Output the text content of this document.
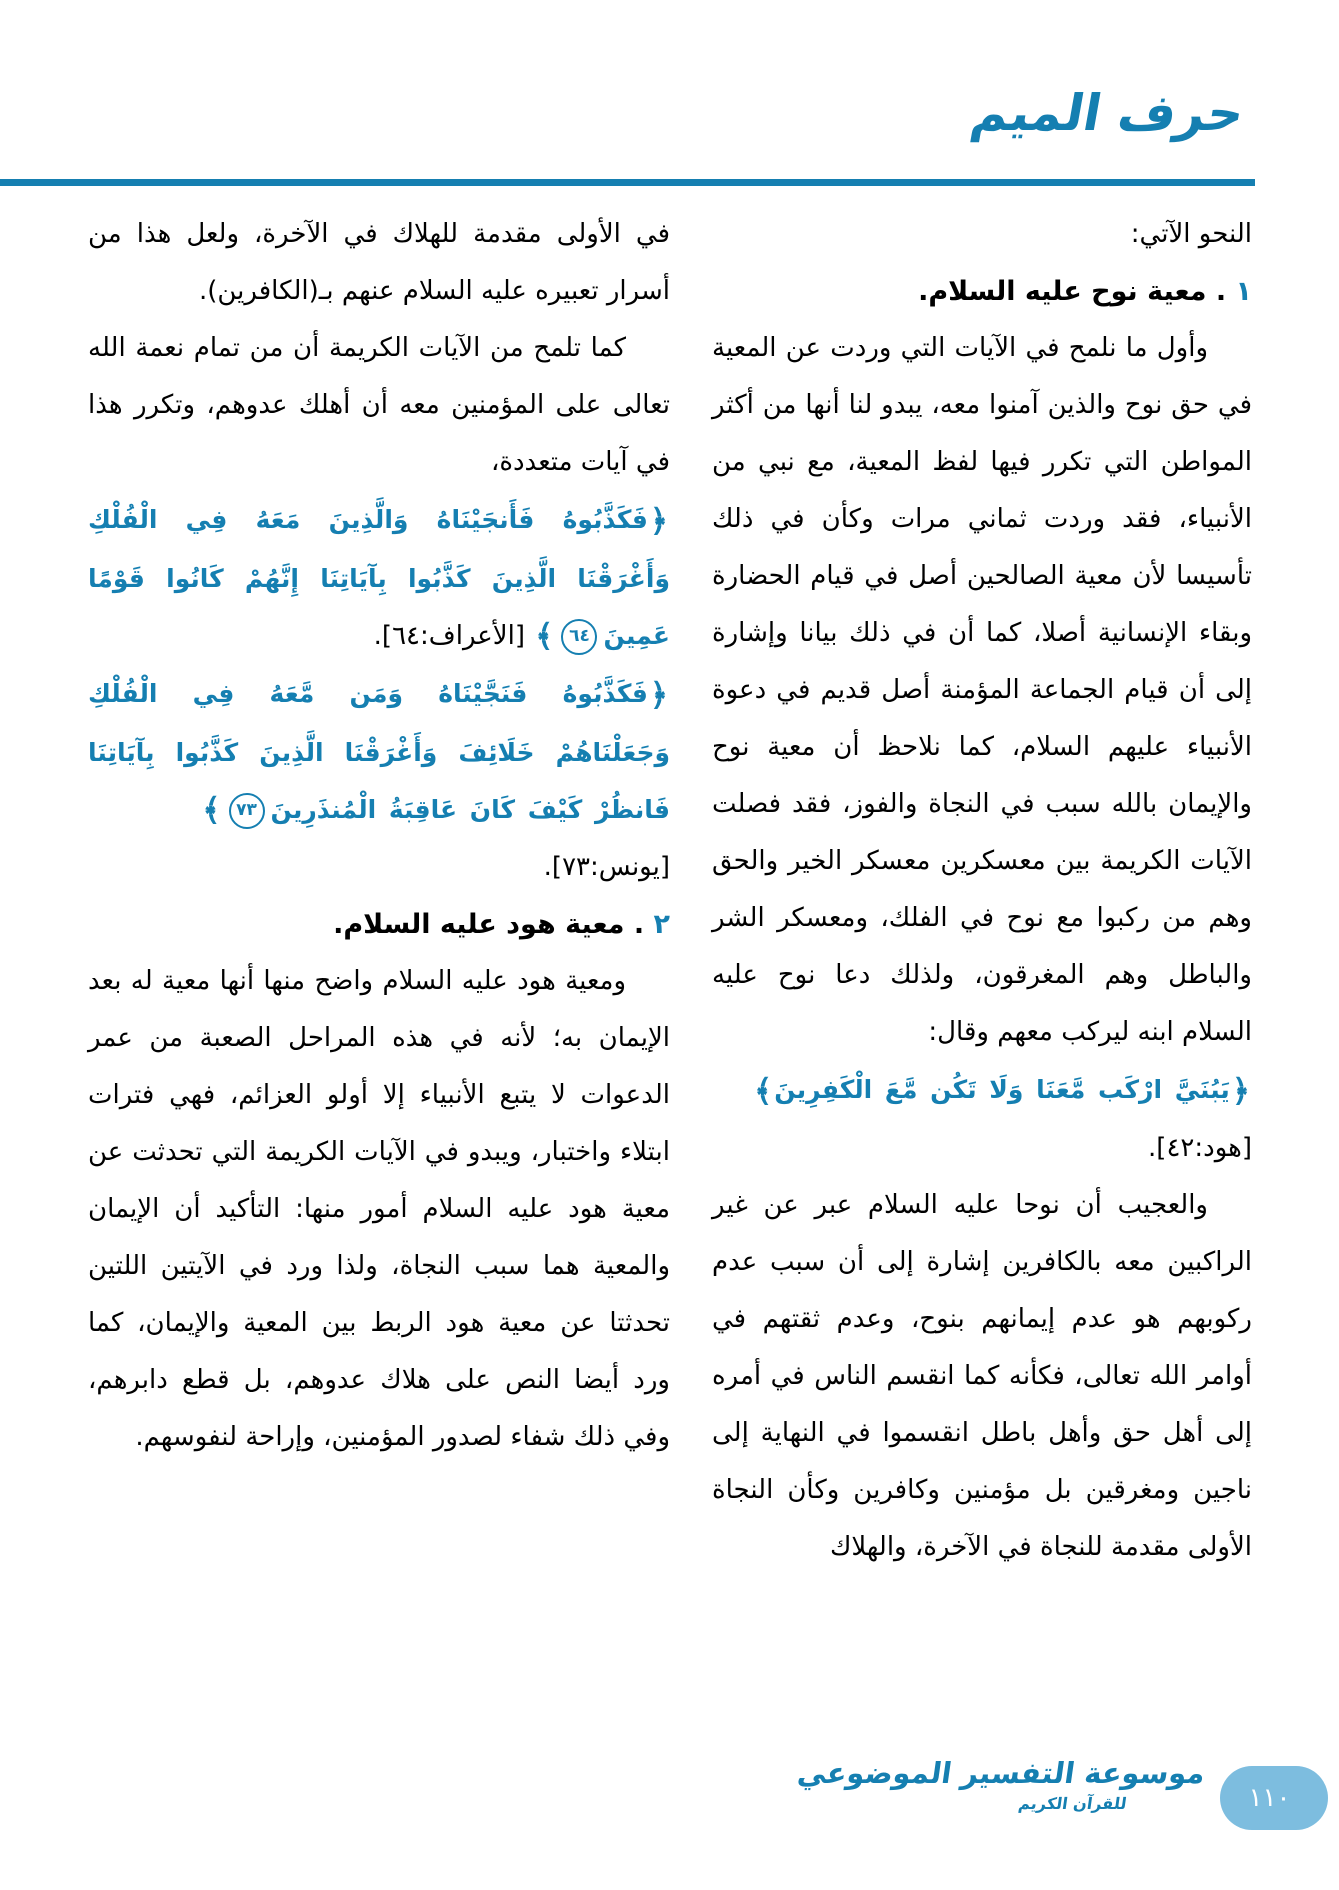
حرف الميم
النحو الآتي:
١ . معية نوح عليه السلام.
وأول ما نلمح في الآيات التي وردت عن المعية في حق نوح والذين آمنوا معه، يبدو لنا أنها من أكثر المواطن التي تكرر فيها لفظ المعية، مع نبي من الأنبياء، فقد وردت ثماني مرات وكأن في ذلك تأسيسا لأن معية الصالحين أصل في قيام الحضارة وبقاء الإنسانية أصلا، كما أن في ذلك بيانا وإشارة إلى أن قيام الجماعة المؤمنة أصل قديم في دعوة الأنبياء عليهم السلام، كما نلاحظ أن معية نوح والإيمان بالله سبب في النجاة والفوز، فقد فصلت الآيات الكريمة بين معسكرين معسكر الخير والحق وهم من ركبوا مع نوح في الفلك، ومعسكر الشر والباطل وهم المغرقون، ولذلك دعا نوح عليه السلام ابنه ليركب معهم وقال:
﴿يَبُنَيَّ ارْكَب مَّعَنَا وَلَا تَكُن مَّعَ الْكَفِرِينَ﴾
[هود:٤٢].
والعجيب أن نوحا عليه السلام عبر عن غير الراكبين معه بالكافرين إشارة إلى أن سبب عدم ركوبهم هو عدم إيمانهم بنوح، وعدم ثقتهم في أوامر الله تعالى، فكأنه كما انقسم الناس في أمره إلى أهل حق وأهل باطل انقسموا في النهاية إلى ناجين ومغرقين بل مؤمنين وكافرين وكأن النجاة الأولى مقدمة للنجاة في الآخرة، والهلاك
في الأولى مقدمة للهلاك في الآخرة، ولعل هذا من أسرار تعبيره عليه السلام عنهم بـ(الكافرين).
كما تلمح من الآيات الكريمة أن من تمام نعمة الله تعالى على المؤمنين معه أن أهلك عدوهم، وتكرر هذا في آيات متعددة،
﴿فَكَذَّبُوهُ فَأَنجَيْنَاهُ وَالَّذِينَ مَعَهُ فِي الْفُلْكِ وَأَغْرَقْنَا الَّذِينَ كَذَّبُوا بِآيَاتِنَا إِنَّهُمْ كَانُوا قَوْمًا عَمِينَ٦٤﴾ [الأعراف:٦٤].
﴿فَكَذَّبُوهُ فَنَجَّيْنَاهُ وَمَن مَّعَهُ فِي الْفُلْكِ وَجَعَلْنَاهُمْ خَلَائِفَ وَأَغْرَقْنَا الَّذِينَ كَذَّبُوا بِآيَاتِنَا فَانظُرْ كَيْفَ كَانَ عَاقِبَةُ الْمُنذَرِينَ٧٣﴾
[يونس:٧٣].
٢ . معية هود عليه السلام.
ومعية هود عليه السلام واضح منها أنها معية له بعد الإيمان به؛ لأنه في هذه المراحل الصعبة من عمر الدعوات لا يتبع الأنبياء إلا أولو العزائم، فهي فترات ابتلاء واختبار، ويبدو في الآيات الكريمة التي تحدثت عن معية هود عليه السلام أمور منها: التأكيد أن الإيمان والمعية هما سبب النجاة، ولذا ورد في الآيتين اللتين تحدثتا عن معية هود الربط بين المعية والإيمان، كما ورد أيضا النص على هلاك عدوهم، بل قطع دابرهم، وفي ذلك شفاء لصدور المؤمنين، وإراحة لنفوسهم.
موسوعة التفسير الموضوعي
للقرآن الكريم	١١٠
